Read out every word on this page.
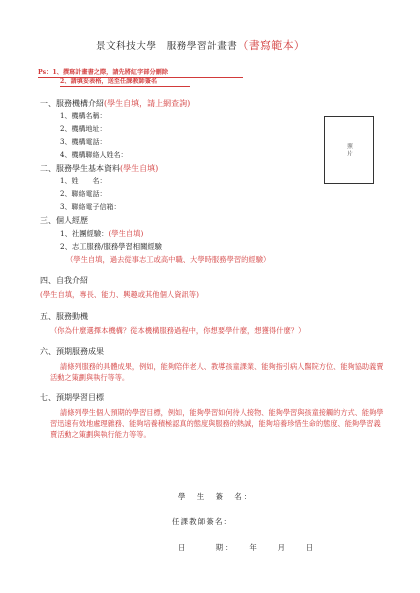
景文科技大學　服務學習計畫書（書寫範本）
Ps：1、撰寫計畫書之際，請先將紅字部分刪除
2、請填妥表格，送至任課教師簽名
照片
一、服務機構介紹(學生自填，請上網查詢)
1、機構名稱：
2、機構地址：
3、機構電話：
4、機構聯絡人姓名：
二、服務學生基本資料(學生自填)
1、姓　　名：
2、聯絡電話：
3、聯絡電子信箱：
三、個人經歷
1、社團經驗：(學生自填)
2、志工服務/服務學習相關經驗
（學生自填，過去從事志工或高中職、大學時服務學習的經驗）
四、自我介紹
(學生自填，專長、能力、興趣或其他個人資訊等)
五、服務動機
（你為什麼選擇本機構？從本機構服務過程中，你想要學什麼，想獲得什麼？）
六、預期服務成果
請條列服務的具體成果，例如，能夠陪伴老人、教導孩童課業、能夠指引病人醫院方位、能夠協助義賣活動之策劃與執行等等。
七、預期學習目標
請條列學生個人預期的學習目標，例如，能夠學習如何待人接物、能夠學習與孩童接觸的方式、能夠學習迅速有效地處理雜務、能夠培養積極認真的態度與服務的熱誠，能夠培養珍惜生命的態度、能夠學習義賣活動之策劃與執行能力等等。
學　生　簽　名：
任課教師簽名：
日　　　期：　　年　　月　　日
